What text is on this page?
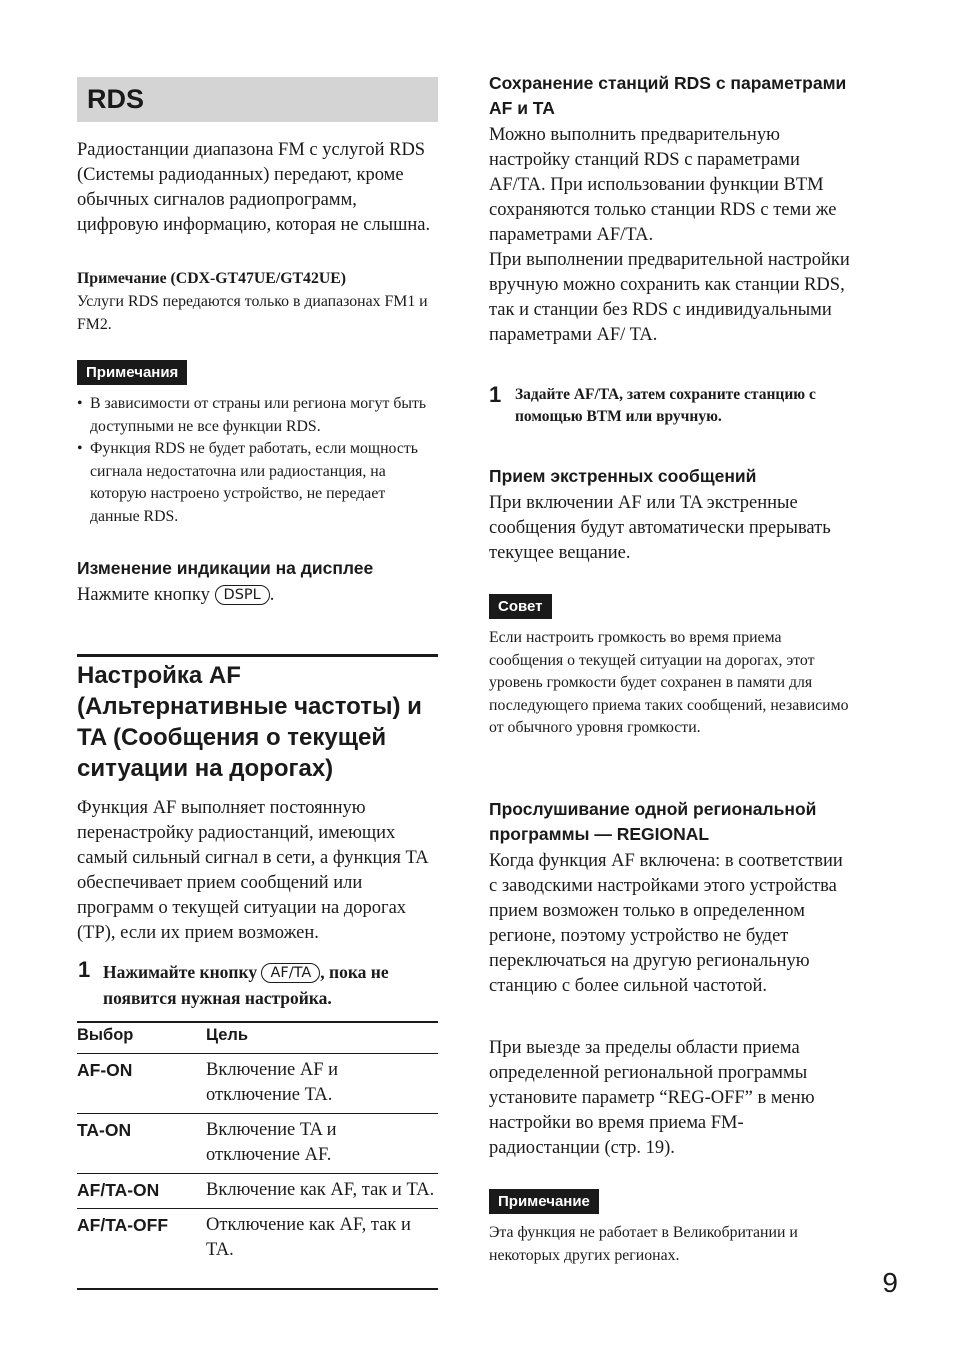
RDS
Радиостанции диапазона FM с услугой RDS (Системы радиоданных) передают, кроме обычных сигналов радиопрограмм, цифровую информацию, которая не слышна.
Примечание (CDX-GT47UE/GT42UE)
Услуги RDS передаются только в диапазонах FM1 и FM2.
Примечания
• В зависимости от страны или региона могут быть доступными не все функции RDS.
• Функция RDS не будет работать, если мощность сигнала недостаточна или радиостанция, на которую настроено устройство, не передает данные RDS.
Изменение индикации на дисплее
Нажмите кнопку DSPL .
Настройка AF (Альтернативные частоты) и TA (Сообщения о текущей ситуации на дорогах)
Функция AF выполняет постоянную перенастройку радиостанций, имеющих самый сильный сигнал в сети, а функция TA обеспечивает прием сообщений или программ о текущей ситуации на дорогах (TP), если их прием возможен.
1 Нажимайте кнопку AF/TA , пока не появится нужная настройка.
Выбор	Цель

AF-ON	Включение AF и отключение TA.

TA-ON	Включение TA и отключение AF.

AF/TA-ON	Включение как AF, так и TA.

AF/TA-OFF	Отключение как AF, так и TA.
Сохранение станций RDS с параметрами AF и TA
Можно выполнить предварительную настройку станций RDS с параметрами AF/TA. При использовании функции BTM сохраняются только станции RDS с теми же параметрами AF/TA.
При выполнении предварительной настройки вручную можно сохранить как станции RDS, так и станции без RDS с индивидуальными параметрами AF/ TA.
1 Задайте AF/TA, затем сохраните станцию с помощью BTM или вручную.
Прием экстренных сообщений
При включении AF или TA экстренные сообщения будут автоматически прерывать текущее вещание.
Совет
Если настроить громкость во время приема сообщения о текущей ситуации на дорогах, этот уровень громкости будет сохранен в памяти для последующего приема таких сообщений, независимо от обычного уровня громкости.
Прослушивание одной региональной программы — REGIONAL
Когда функция AF включена: в соответствии с заводскими настройками этого устройства прием возможен только в определенном регионе, поэтому устройство не будет переключаться на другую региональную станцию с более сильной частотой.
При выезде за пределы области приема определенной региональной программы установите параметр “REG-OFF” в меню настройки во время приема FM-радиостанции (стр. 19).
Примечание
Эта функция не работает в Великобритании и некоторых других регионах.
9
